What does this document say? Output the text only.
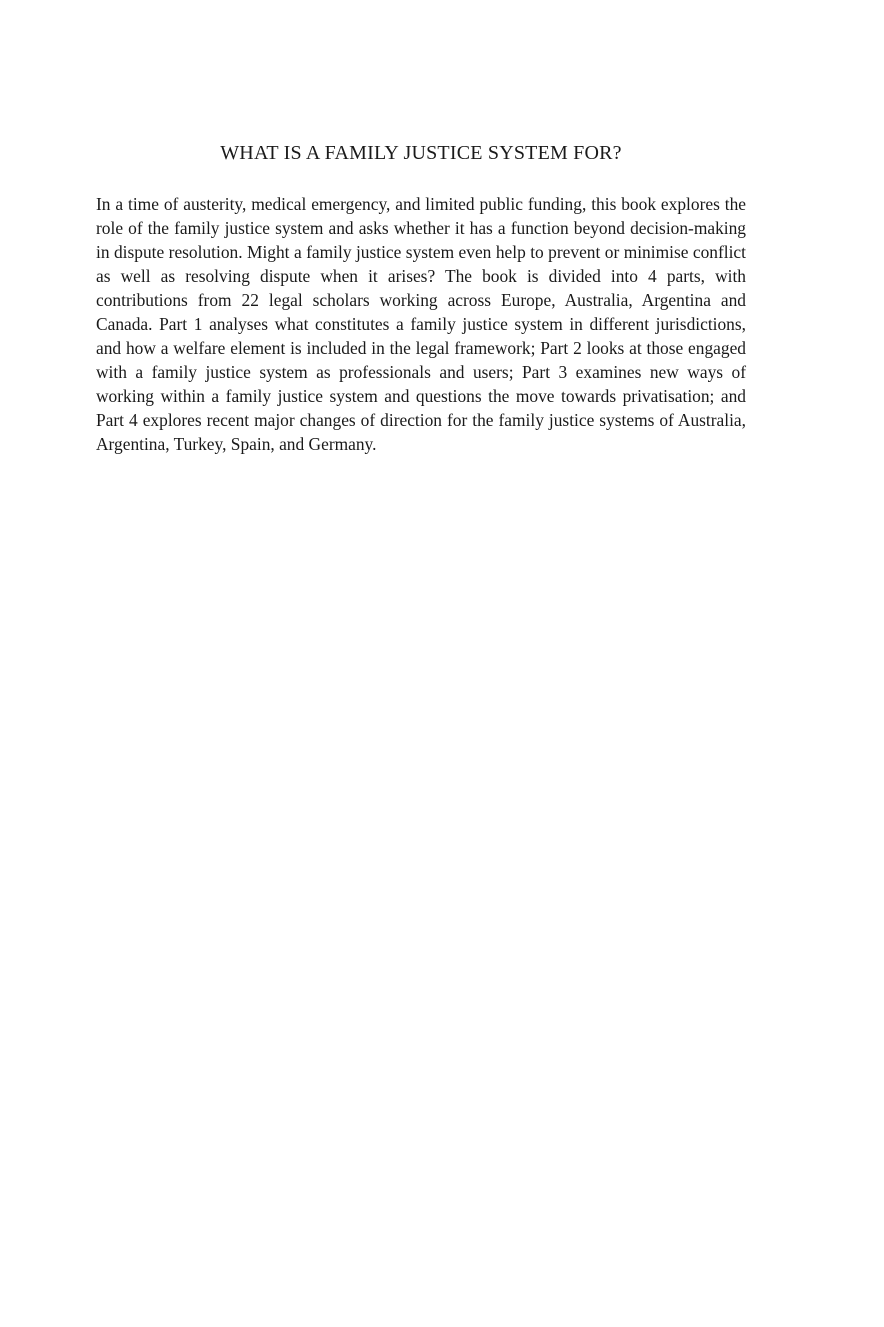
WHAT IS A FAMILY JUSTICE SYSTEM FOR?

In a time of austerity, medical emergency, and limited public funding, this book explores the role of the family justice system and asks whether it has a function beyond decision-making in dispute resolution. Might a family justice system even help to prevent or minimise conflict as well as resolving dispute when it arises? The book is divided into 4 parts, with contributions from 22 legal scholars working across Europe, Australia, Argentina and Canada. Part 1 analyses what constitutes a family justice system in different jurisdictions, and how a welfare element is included in the legal framework; Part 2 looks at those engaged with a family justice system as professionals and users; Part 3 examines new ways of working within a family justice system and questions the move towards privatisation; and Part 4 explores recent major changes of direction for the family justice systems of Australia, Argentina, Turkey, Spain, and Germany.
